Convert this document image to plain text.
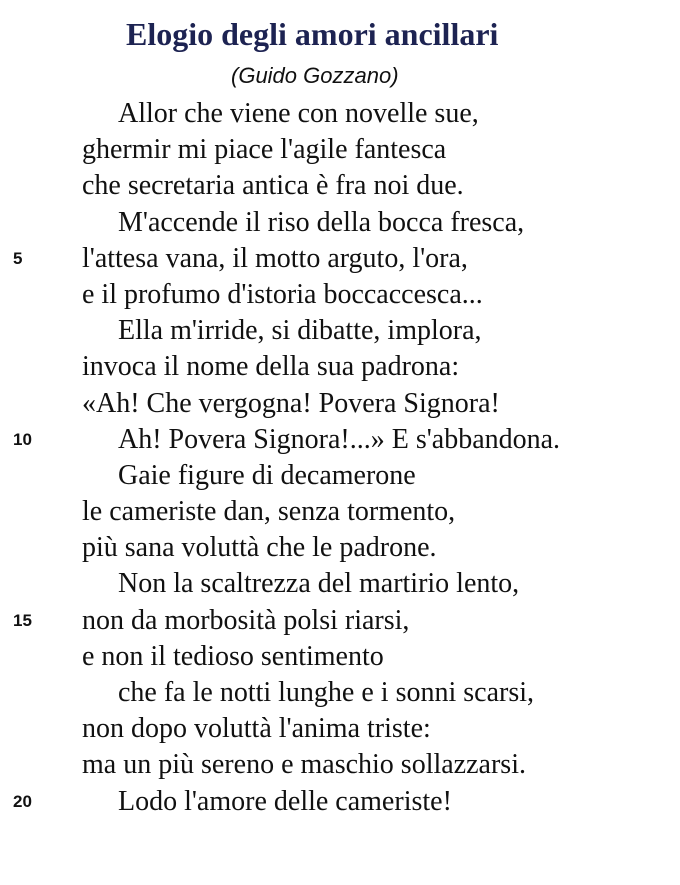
Elogio degli amori ancillari
(Guido Gozzano)
Allor che viene con novelle sue,
ghermir mi piace l'agile fantesca
che secretaria antica è fra noi due.
M'accende il riso della bocca fresca,
5 l'attesa vana, il motto arguto, l'ora,
e il profumo d'istoria boccaccesca...
Ella m'irride, si dibatte, implora,
invoca il nome della sua padrona:
«Ah! Che vergogna! Povera Signora!
10	Ah! Povera Signora!...» E s'abbandona.
Gaie figure di decamerone
le cameriste dan, senza tormento,
più sana voluttà che le padrone.
Non la scaltrezza del martirio lento,
15 non da morbosità polsi riarsi,
e non il tedioso sentimento
che fa le notti lunghe e i sonni scarsi,
non dopo voluttà l'anima triste:
ma un più sereno e maschio sollazzarsi.
20	Lodo l'amore delle cameriste!
